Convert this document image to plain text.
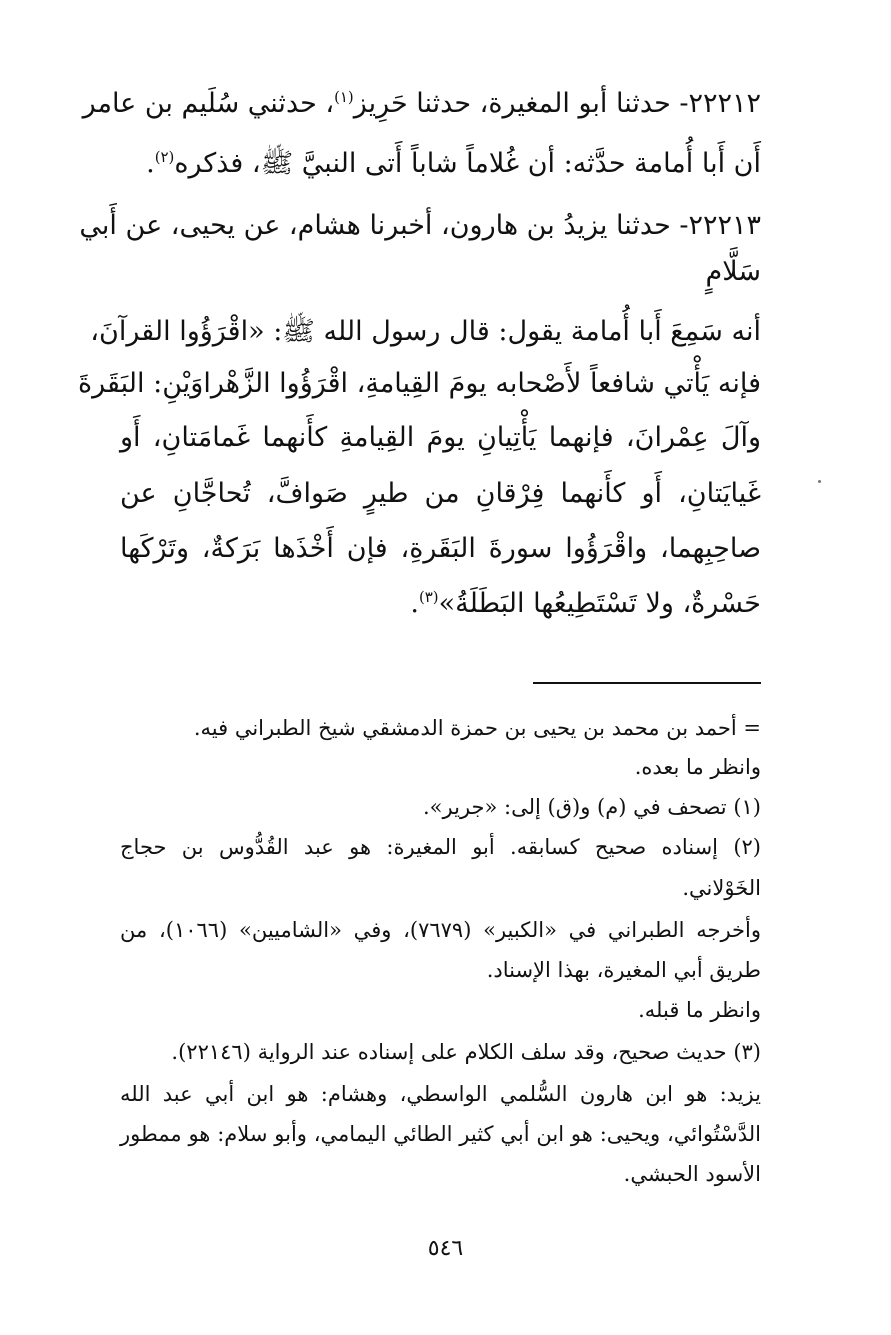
٢٢٢١٢- حدثنا أبو المغيرة، حدثنا حَرِيز$^{(١)}$، حدثني سُلَيم بن عامر
أَن أَبا أُمامة حدَّثه: أن غُلاماً شاباً أَتى النبيَّ ﷺ، فذكره$^{(٢)}$.
٢٢٢١٣- حدثنا يزيدُ بن هارون، أخبرنا هشام، عن يحيى، عن أَبي
سَلَّامٍ
أنه سَمِعَ أَبا أُمامة يقول: قال رسول الله ﷺ: «اقْرَؤُوا القرآنَ،
فإنه يَأْتي شافعاً لأَصْحابه يومَ القِيامةِ، اقْرَؤُوا الزَّهْراوَيْنِ: البَقَرةَ
وآلَ عِمْرانَ، فإنهما يَأْتِيانِ يومَ القِيامةِ كأَنهما غَمامَتانِ، أَو
غَيايَتانِ، أَو كأَنهما فِرْقانِ من طيرٍ صَوافَّ، تُحاجَّانِ عن
صاحِبِهما، واقْرَؤُوا سورةَ البَقَرةِ، فإن أَخْذَها بَرَكةٌ، وتَرْكَها
حَسْرةٌ، ولا تَسْتَطِيعُها البَطَلَةُ»$^{(٣)}$.
= أحمد بن محمد بن يحيى بن حمزة الدمشقي شيخ الطبراني فيه.
وانظر ما بعده.
(١) تصحف في (م) و(ق) إلى: «جرير».
(٢) إسناده صحيح كسابقه. أبو المغيرة: هو عبد القُدُّوس بن حجاج
الخَوْلاني.
وأخرجه الطبراني في «الكبير» (٧٦٧٩)، وفي «الشاميين» (١٠٦٦)، من
طريق أبي المغيرة، بهذا الإسناد.
وانظر ما قبله.
(٣) حديث صحيح، وقد سلف الكلام على إسناده عند الرواية (٢٢١٤٦).
يزيد: هو ابن هارون السُّلمي الواسطي، وهشام: هو ابن أبي عبد الله
الدَّسْتُوائي، ويحيى: هو ابن أبي كثير الطائي اليمامي، وأبو سلام: هو ممطور
الأسود الحبشي.
٥٤٦
